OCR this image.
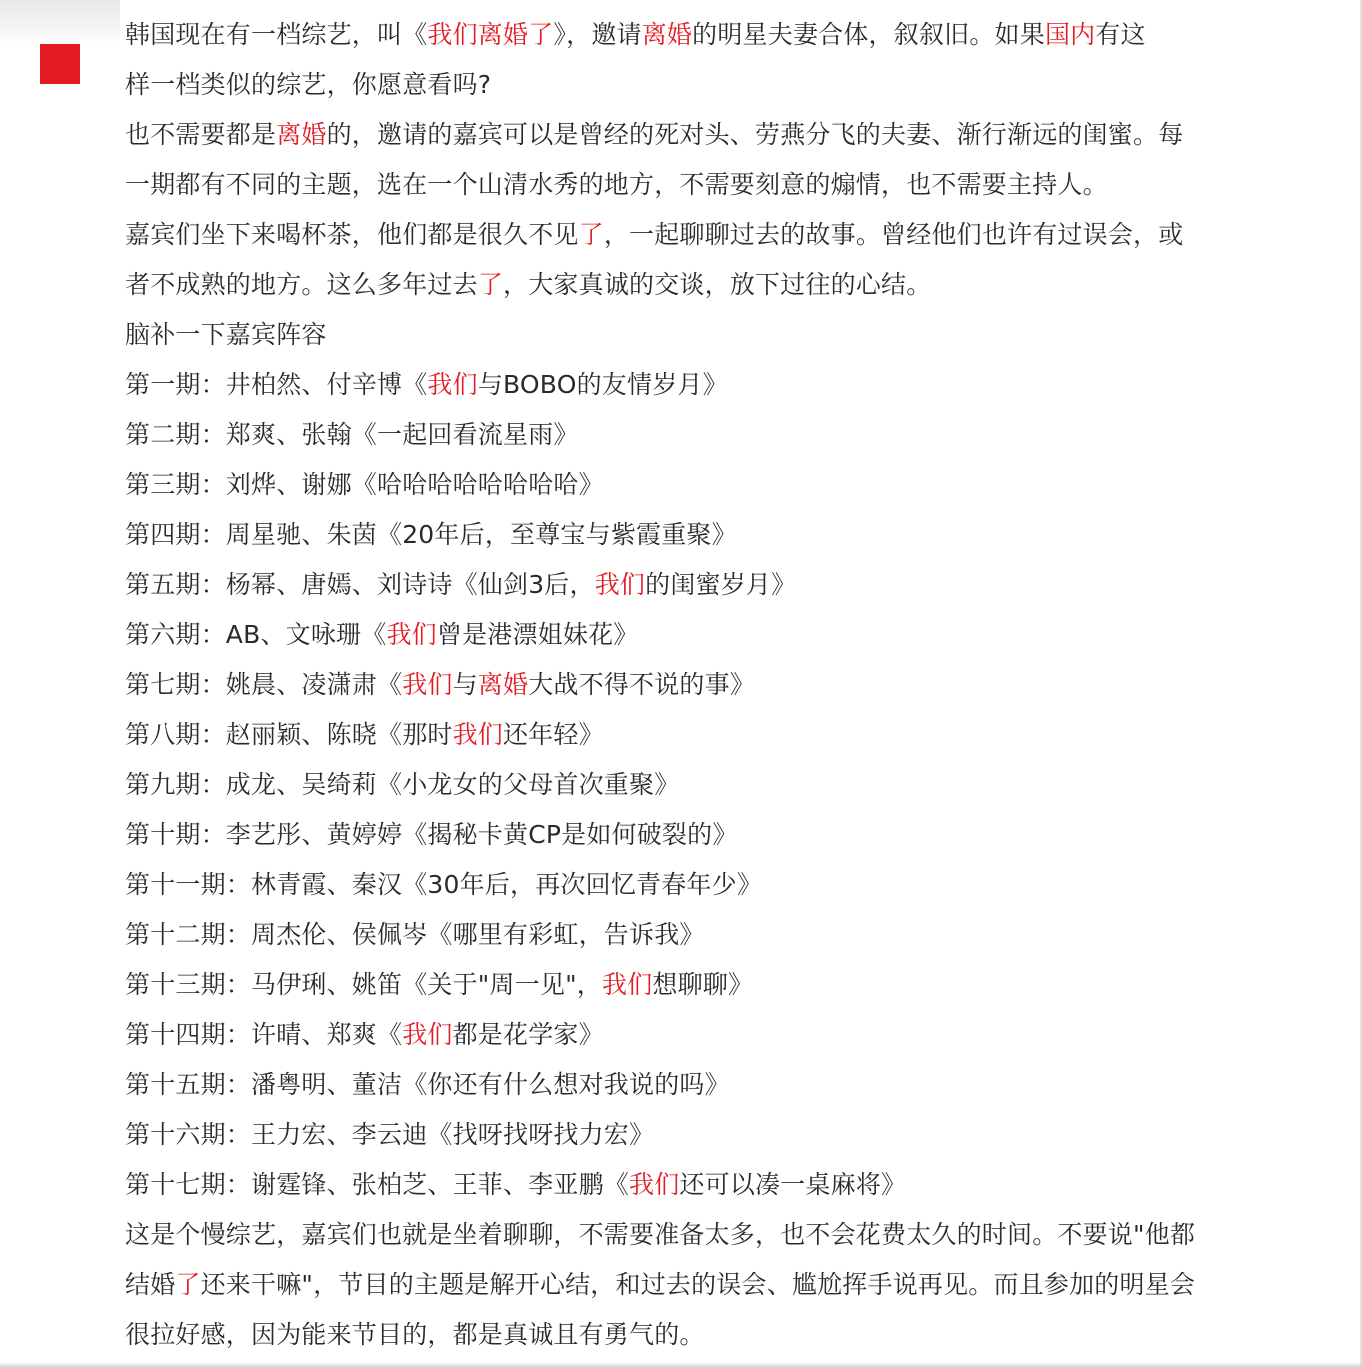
韩国现在有一档综艺，叫《我们离婚了》，邀请离婚的明星夫妻合体，叙叙旧。如果国内有这
样一档类似的综艺，你愿意看吗?
也不需要都是离婚的，邀请的嘉宾可以是曾经的死对头、劳燕分飞的夫妻、渐行渐远的闺蜜。每
一期都有不同的主题，选在一个山清水秀的地方，不需要刻意的煽情，也不需要主持人。
嘉宾们坐下来喝杯茶，他们都是很久不见了，一起聊聊过去的故事。曾经他们也许有过误会，或
者不成熟的地方。这么多年过去了，大家真诚的交谈，放下过往的心结。
脑补一下嘉宾阵容
第一期：井柏然、付辛博《我们与BOBO的友情岁月》
第二期：郑爽、张翰《一起回看流星雨》
第三期：刘烨、谢娜《哈哈哈哈哈哈哈哈》
第四期：周星驰、朱茵《20年后，至尊宝与紫霞重聚》
第五期：杨幂、唐嫣、刘诗诗《仙剑3后，我们的闺蜜岁月》
第六期：AB、文咏珊《我们曾是港漂姐妹花》
第七期：姚晨、凌潇肃《我们与离婚大战不得不说的事》
第八期：赵丽颖、陈晓《那时我们还年轻》
第九期：成龙、吴绮莉《小龙女的父母首次重聚》
第十期：李艺彤、黄婷婷《揭秘卡黄CP是如何破裂的》
第十一期：林青霞、秦汉《30年后，再次回忆青春年少》
第十二期：周杰伦、侯佩岑《哪里有彩虹，告诉我》
第十三期：马伊琍、姚笛《关于"周一见"，我们想聊聊》
第十四期：许晴、郑爽《我们都是花学家》
第十五期：潘粤明、董洁《你还有什么想对我说的吗》
第十六期：王力宏、李云迪《找呀找呀找力宏》
第十七期：谢霆锋、张柏芝、王菲、李亚鹏《我们还可以凑一桌麻将》
这是个慢综艺，嘉宾们也就是坐着聊聊，不需要准备太多，也不会花费太久的时间。不要说"他都
结婚了还来干嘛"，节目的主题是解开心结，和过去的误会、尴尬挥手说再见。而且参加的明星会
很拉好感，因为能来节目的，都是真诚且有勇气的。
